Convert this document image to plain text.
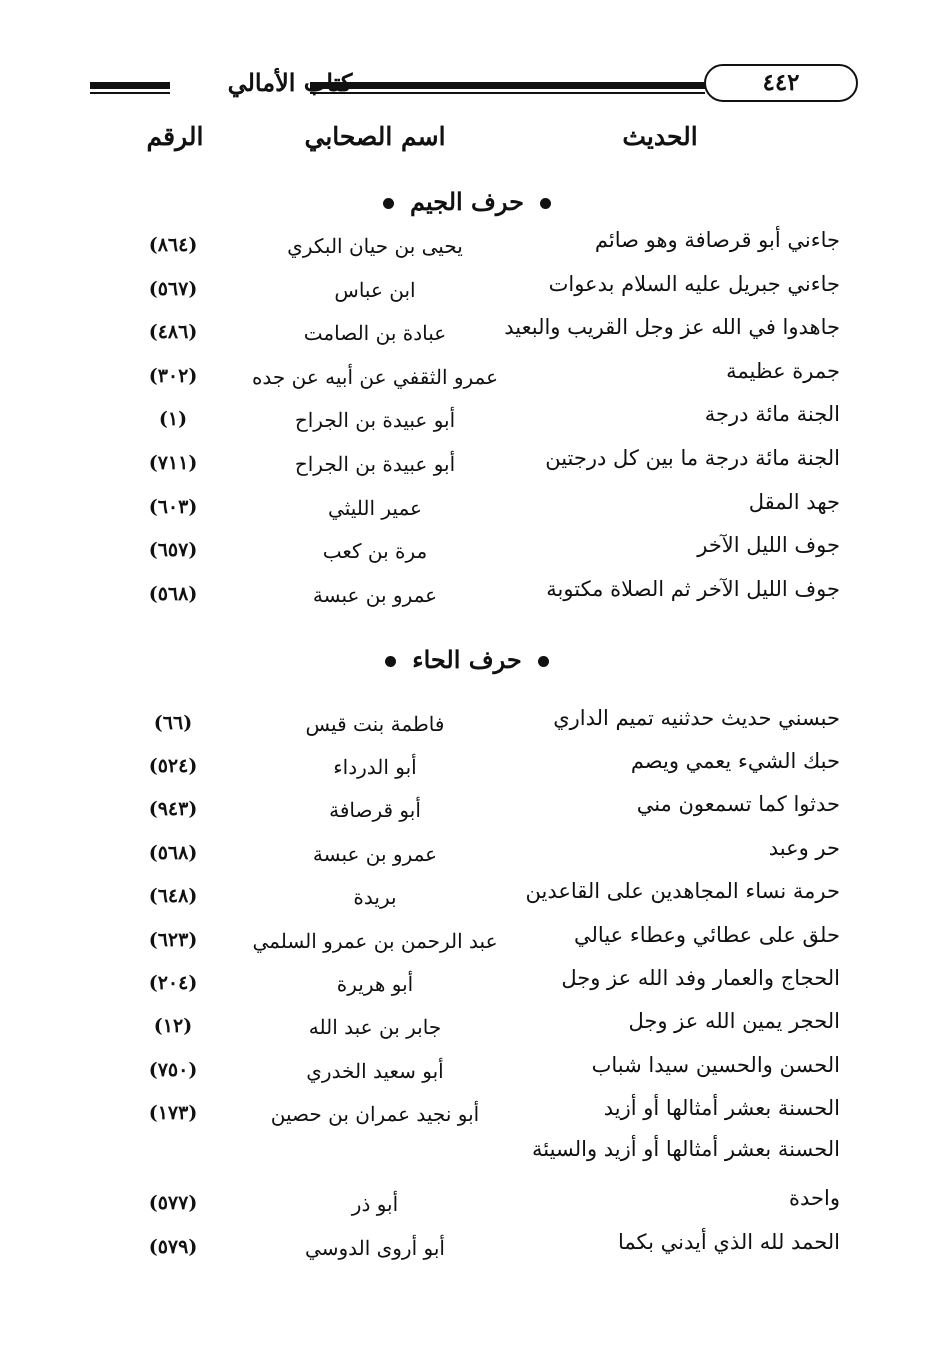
كتاب الأمالي	٤٤٢
الحديث
اسم الصحابي
الرقم
حرف الجيم
جاءني أبو قرصافة وهو صائم
يحيى بن حيان البكري
(٨٦٤)
جاءني جبريل عليه السلام بدعوات
ابن عباس
(٥٦٧)
جاهدوا في الله عز وجل القريب والبعيد
عبادة بن الصامت
(٤٨٦)
جمرة عظيمة
عمرو الثقفي عن أبيه عن جده
(٣٠٢)
الجنة مائة درجة
أبو عبيدة بن الجراح
(١)
الجنة مائة درجة ما بين كل درجتين
أبو عبيدة بن الجراح
(٧١١)
جهد المقل
عمير الليثي
(٦٠٣)
جوف الليل الآخر
مرة بن كعب
(٦٥٧)
جوف الليل الآخر ثم الصلاة مكتوبة
عمرو بن عبسة
(٥٦٨)
حرف الحاء
حبسني حديث حدثنيه تميم الداري
فاطمة بنت قيس
(٦٦)
حبك الشيء يعمي ويصم
أبو الدرداء
(٥٢٤)
حدثوا كما تسمعون مني
أبو قرصافة
(٩٤٣)
حر وعبد
عمرو بن عبسة
(٥٦٨)
حرمة نساء المجاهدين على القاعدين
بريدة
(٦٤٨)
حلق على عطائي وعطاء عيالي
عبد الرحمن بن عمرو السلمي
(٦٢٣)
الحجاج والعمار وفد الله عز وجل
أبو هريرة
(٢٠٤)
الحجر يمين الله عز وجل
جابر بن عبد الله
(١٢)
الحسن والحسين سيدا شباب
أبو سعيد الخدري
(٧٥٠)
الحسنة بعشر أمثالها أو أزيد
أبو نجيد عمران بن حصين
(١٧٣)
الحسنة بعشر أمثالها أو أزيد والسيئة
واحدة
أبو ذر
(٥٧٧)
الحمد لله الذي أيدني بكما
أبو أروى الدوسي
(٥٧٩)
